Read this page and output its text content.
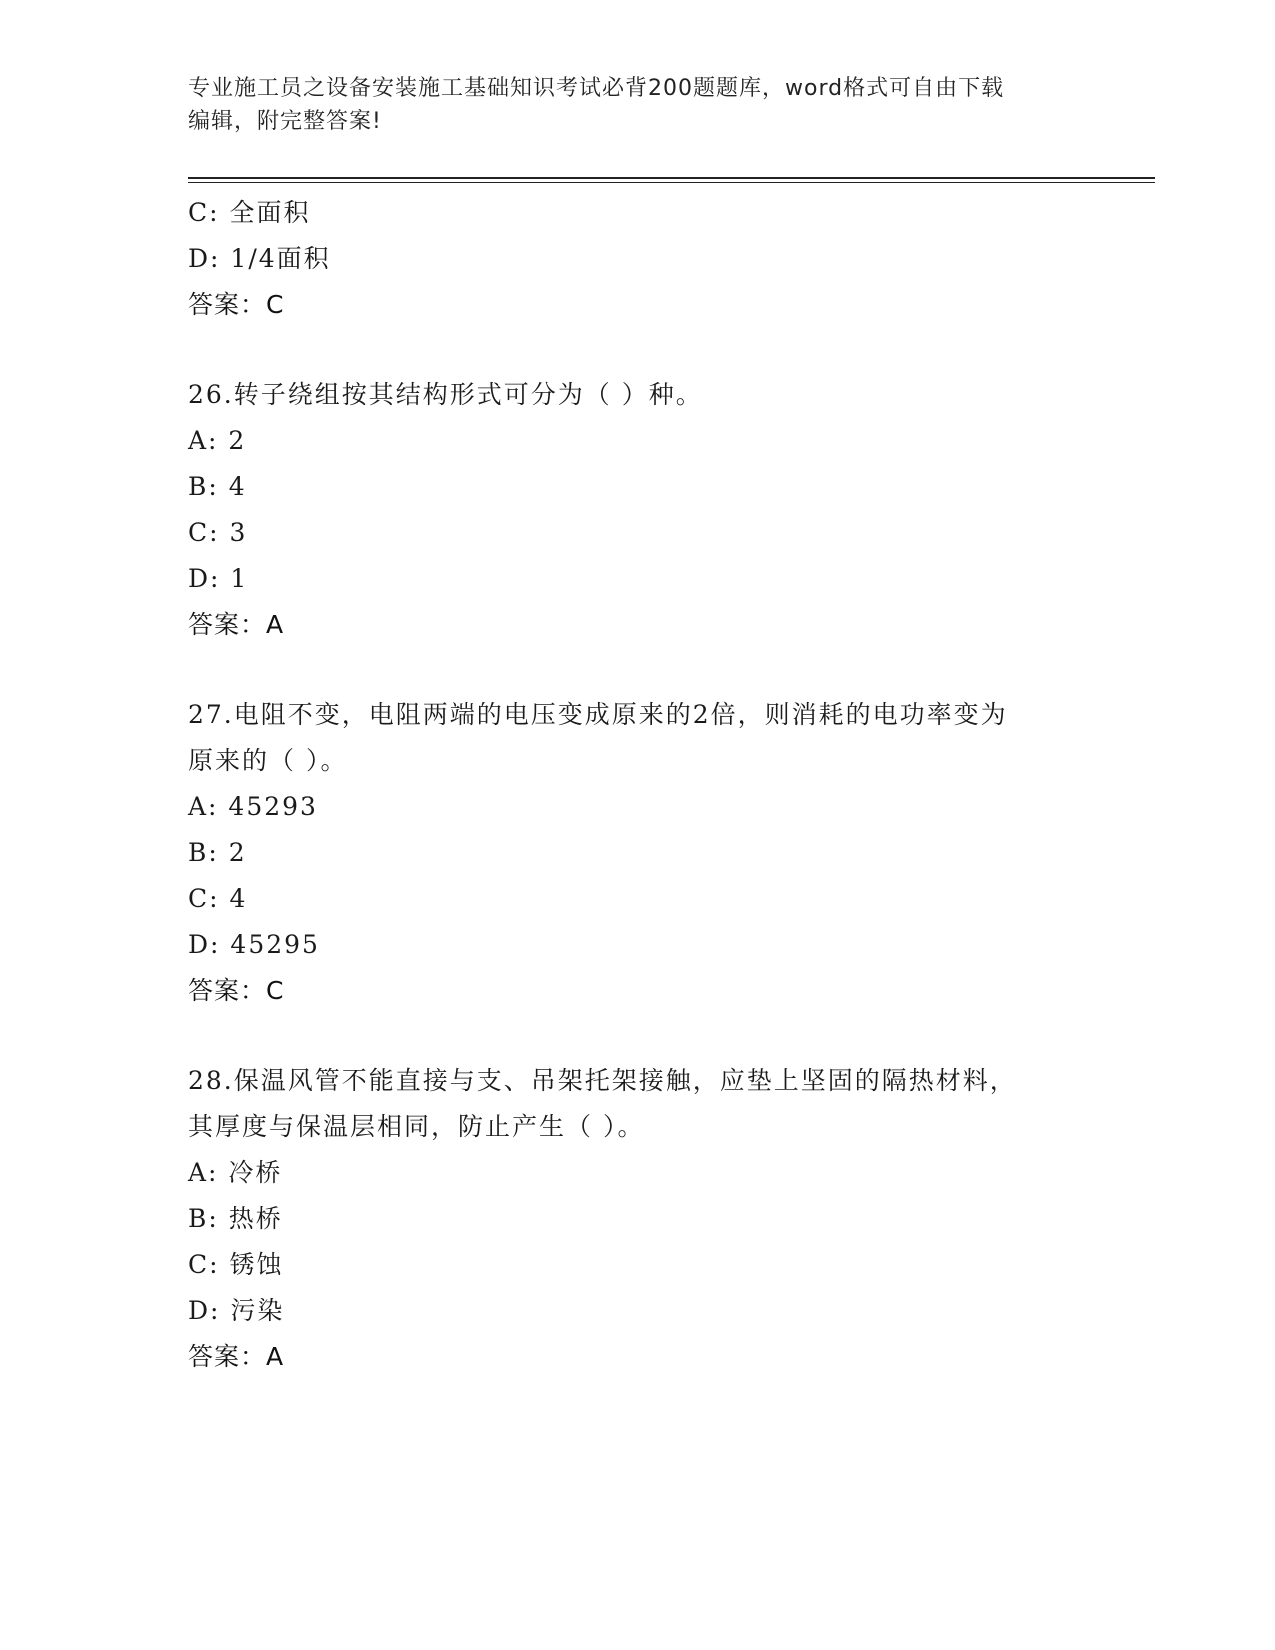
专业施工员之设备安装施工基础知识考试必背200题题库，word格式可自由下载
编辑，附完整答案!
C: 全面积
D: 1/4面积
答案：C
26.转子绕组按其结构形式可分为（ ）种。
A: 2
B: 4
C: 3
D: 1
答案：A
27.电阻不变，电阻两端的电压变成原来的2倍，则消耗的电功率变为
原来的（ ）。
A: 45293
B: 2
C: 4
D: 45295
答案：C
28.保温风管不能直接与支、吊架托架接触，应垫上坚固的隔热材料，
其厚度与保温层相同，防止产生（ ）。
A: 冷桥
B: 热桥
C: 锈蚀
D: 污染
答案：A
